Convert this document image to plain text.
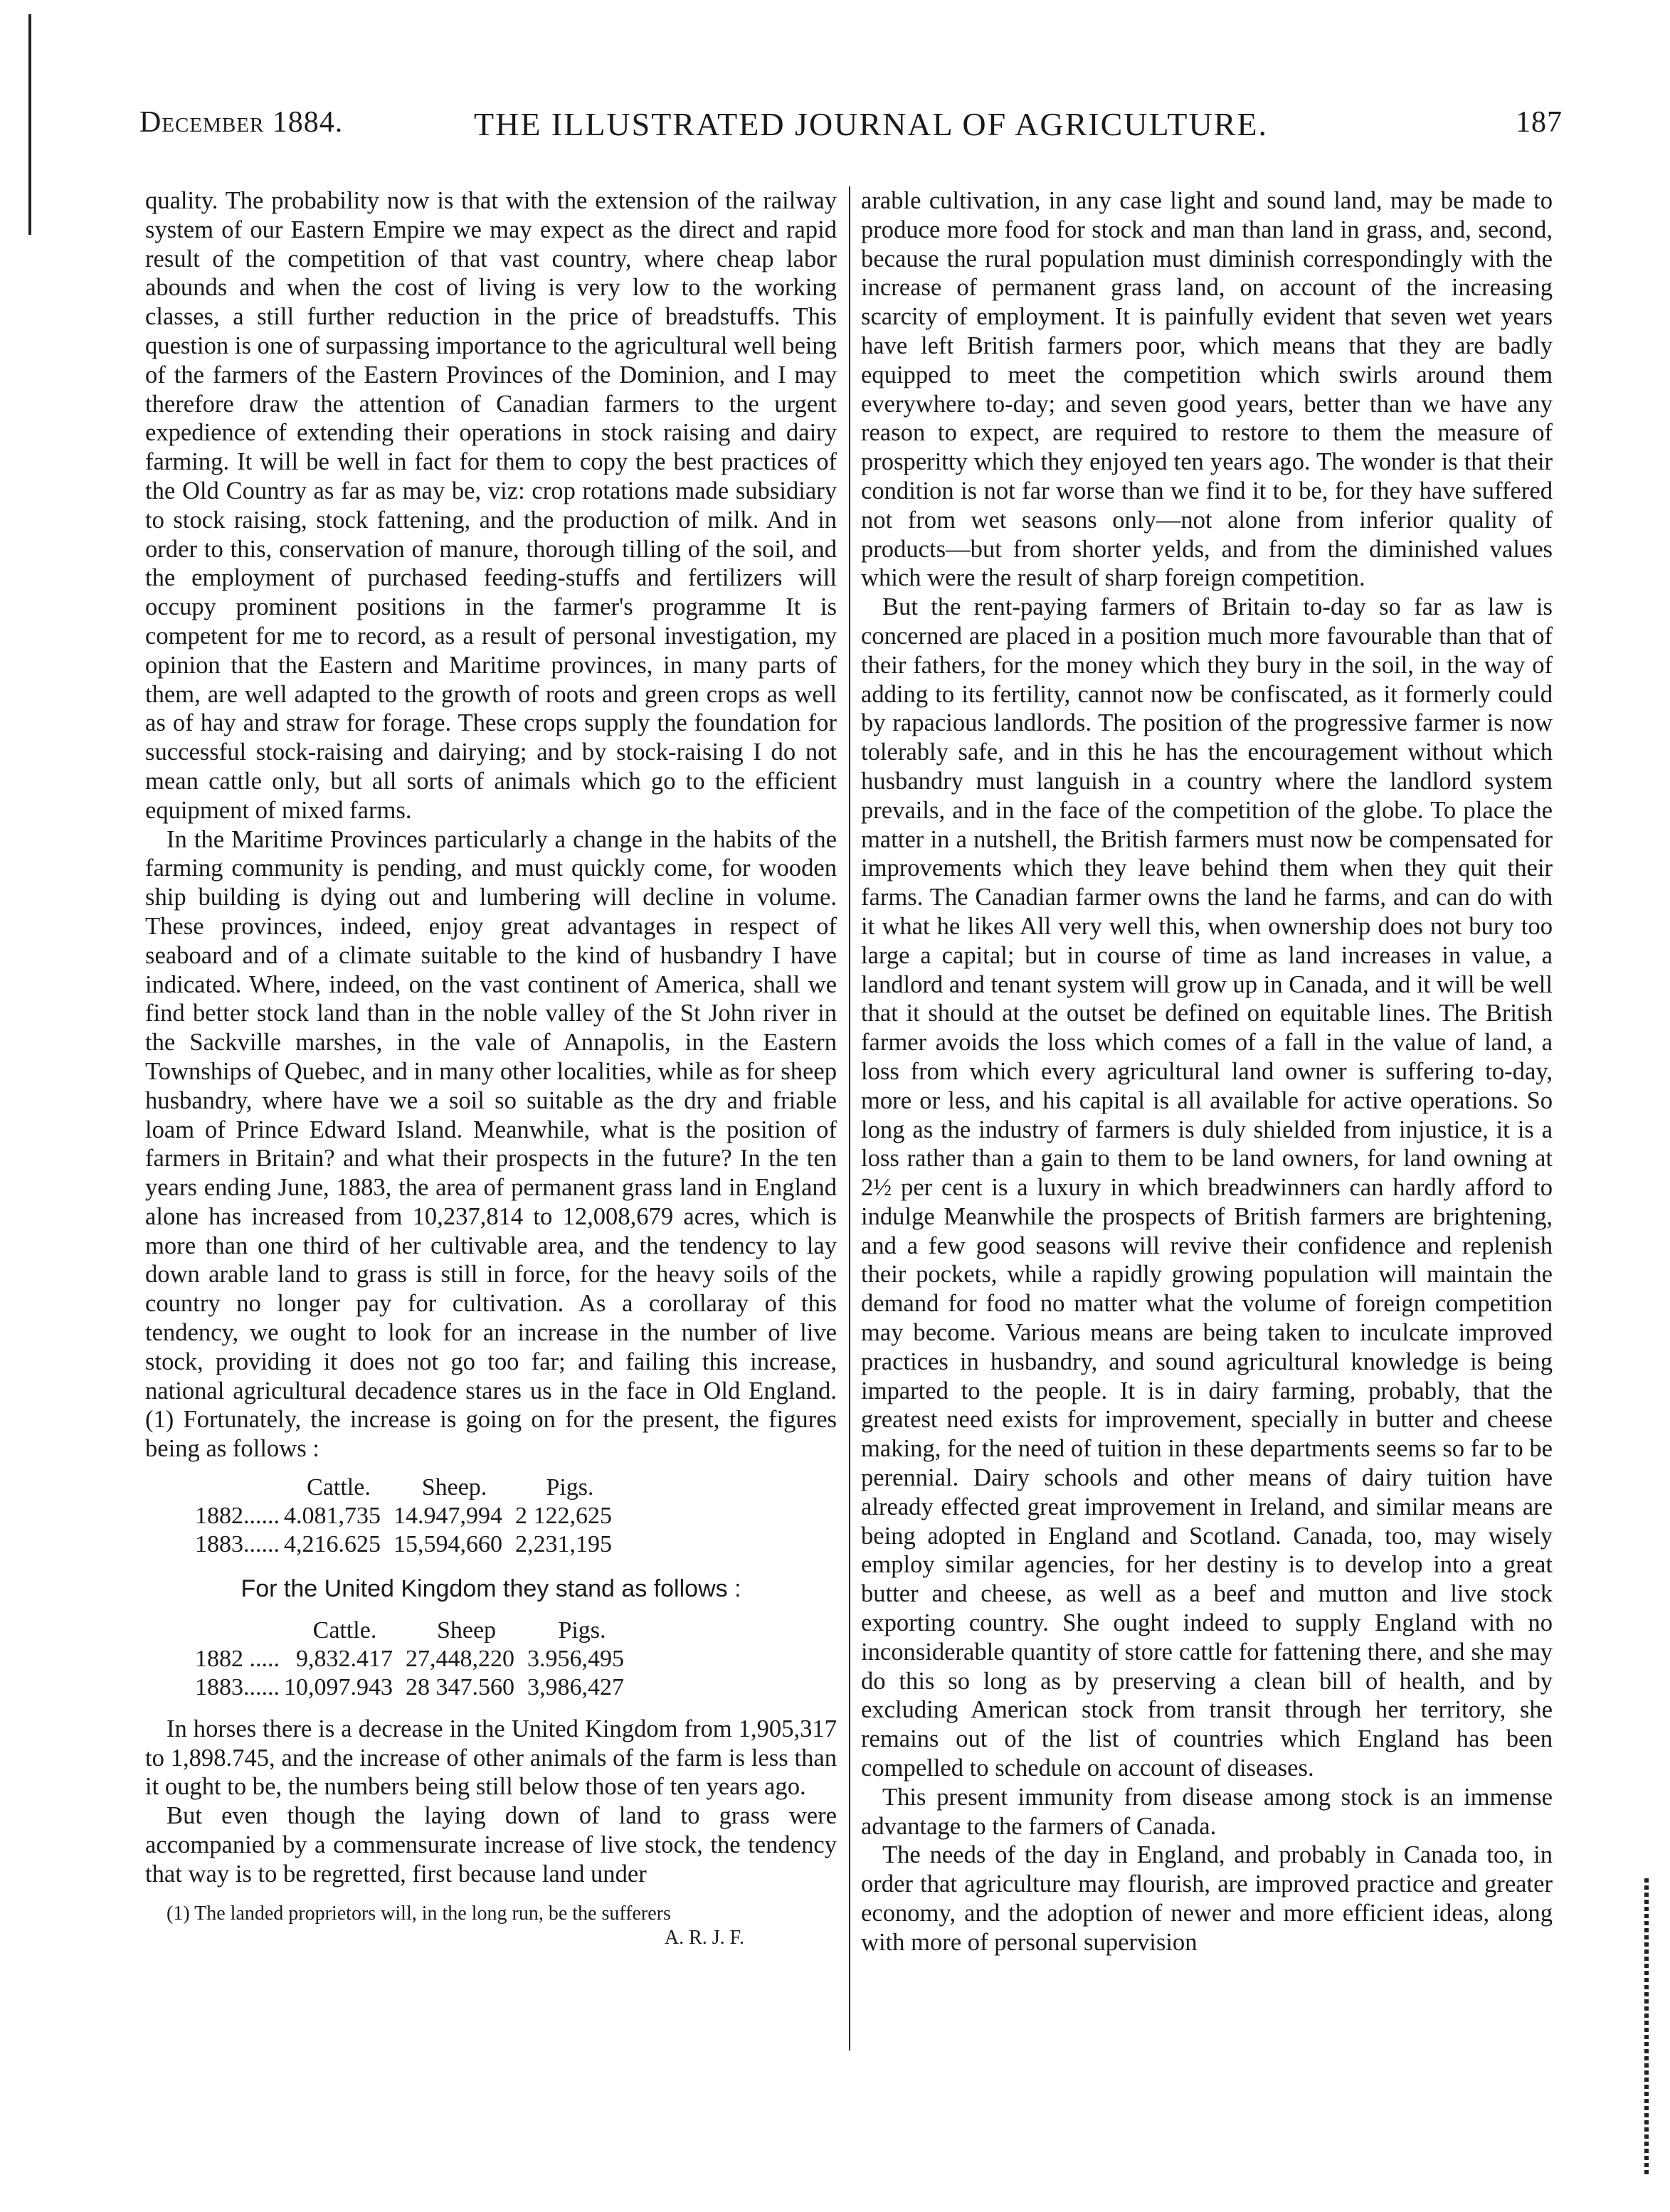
December 1884.	THE ILLUSTRATED JOURNAL OF AGRICULTURE.	187

quality. The probability now is that with the extension of the railway system of our Eastern Empire we may expect as the direct and rapid result of the competition of that vast country, where cheap labor abounds and when the cost of living is very low to the working classes, a still further reduction in the price of breadstuffs. This question is one of surpassing importance to the agricultural well being of the farmers of the Eastern Provinces of the Dominion, and I may therefore draw the attention of Canadian farmers to the urgent expedience of extending their operations in stock raising and dairy farming. It will be well in fact for them to copy the best practices of the Old Country as far as may be, viz: crop rotations made subsidiary to stock raising, stock fattening, and the production of milk. And in order to this, conservation of manure, thorough tilling of the soil, and the employment of purchased feeding-stuffs and fertilizers will occupy prominent positions in the farmer's programme It is competent for me to record, as a result of personal investigation, my opinion that the Eastern and Maritime provinces, in many parts of them, are well adapted to the growth of roots and green crops as well as of hay and straw for forage. These crops supply the foundation for successful stock-raising and dairying; and by stock-raising I do not mean cattle only, but all sorts of animals which go to the efficient equipment of mixed farms.

In the Maritime Provinces particularly a change in the habits of the farming community is pending, and must quickly come, for wooden ship building is dying out and lumbering will decline in volume. These provinces, indeed, enjoy great advantages in respect of seaboard and of a climate suitable to the kind of husbandry I have indicated. Where, indeed, on the vast continent of America, shall we find better stock land than in the noble valley of the St John river in the Sackville marshes, in the vale of Annapolis, in the Eastern Townships of Quebec, and in many other localities, while as for sheep husbandry, where have we a soil so suitable as the dry and friable loam of Prince Edward Island. Meanwhile, what is the position of farmers in Britain? and what their prospects in the future? In the ten years ending June, 1883, the area of permanent grass land in England alone has increased from 10,237,814 to 12,008,679 acres, which is more than one third of her cultivable area, and the tendency to lay down arable land to grass is still in force, for the heavy soils of the country no longer pay for cultivation. As a corollaray of this tendency, we ought to look for an increase in the number of live stock, providing it does not go too far; and failing this increase, national agricultural decadence stares us in the face in Old England. (1) Fortunately, the increase is going on for the present, the figures being as follows :

	Cattle.	Sheep.	Pigs.
1882......	4.081,735	14.947,994	2 122,625
1883......	4,216.625	15,594,660	2,231,195
For the United Kingdom they stand as follows :
	Cattle.	Sheep	Pigs.
1882 .....	9,832.417	27,448,220	3.956,495
1883......	10,097.943	28 347.560	3,986,427

In horses there is a decrease in the United Kingdom from 1,905,317 to 1,898.745, and the increase of other animals of the farm is less than it ought to be, the numbers being still below those of ten years ago.

But even though the laying down of land to grass were accompanied by a commensurate increase of live stock, the tendency that way is to be regretted, first because land under

(1) The landed proprietors will, in the long run, be the sufferers
A. R. J. F.

arable cultivation, in any case light and sound land, may be made to produce more food for stock and man than land in grass, and, second, because the rural population must diminish correspondingly with the increase of permanent grass land, on account of the increasing scarcity of employment. It is painfully evident that seven wet years have left British farmers poor, which means that they are badly equipped to meet the competition which swirls around them everywhere to-day; and seven good years, better than we have any reason to expect, are required to restore to them the measure of prosperitty which they enjoyed ten years ago. The wonder is that their condition is not far worse than we find it to be, for they have suffered not from wet seasons only—not alone from inferior quality of products—but from shorter yelds, and from the diminished values which were the result of sharp foreign competition.

But the rent-paying farmers of Britain to-day so far as law is concerned are placed in a position much more favourable than that of their fathers, for the money which they bury in the soil, in the way of adding to its fertility, cannot now be confiscated, as it formerly could by rapacious landlords. The position of the progressive farmer is now tolerably safe, and in this he has the encouragement without which husbandry must languish in a country where the landlord system prevails, and in the face of the competition of the globe. To place the matter in a nutshell, the British farmers must now be compensated for improvements which they leave behind them when they quit their farms. The Canadian farmer owns the land he farms, and can do with it what he likes All very well this, when ownership does not bury too large a capital; but in course of time as land increases in value, a landlord and tenant system will grow up in Canada, and it will be well that it should at the outset be defined on equitable lines. The British farmer avoids the loss which comes of a fall in the value of land, a loss from which every agricultural land owner is suffering to-day, more or less, and his capital is all available for active operations. So long as the industry of farmers is duly shielded from injustice, it is a loss rather than a gain to them to be land owners, for land owning at 2½ per cent is a luxury in which breadwinners can hardly afford to indulge Meanwhile the prospects of British farmers are brightening, and a few good seasons will revive their confidence and replenish their pockets, while a rapidly growing population will maintain the demand for food no matter what the volume of foreign competition may become. Various means are being taken to inculcate improved practices in husbandry, and sound agricultural knowledge is being imparted to the people. It is in dairy farming, probably, that the greatest need exists for improvement, specially in butter and cheese making, for the need of tuition in these departments seems so far to be perennial. Dairy schools and other means of dairy tuition have already effected great improvement in Ireland, and similar means are being adopted in England and Scotland. Canada, too, may wisely employ similar agencies, for her destiny is to develop into a great butter and cheese, as well as a beef and mutton and live stock exporting country. She ought indeed to supply England with no inconsiderable quantity of store cattle for fattening there, and she may do this so long as by preserving a clean bill of health, and by excluding American stock from transit through her territory, she remains out of the list of countries which England has been compelled to schedule on account of diseases.

This present immunity from disease among stock is an immense advantage to the farmers of Canada.

The needs of the day in England, and probably in Canada too, in order that agriculture may flourish, are improved practice and greater economy, and the adoption of newer and more efficient ideas, along with more of personal supervision
